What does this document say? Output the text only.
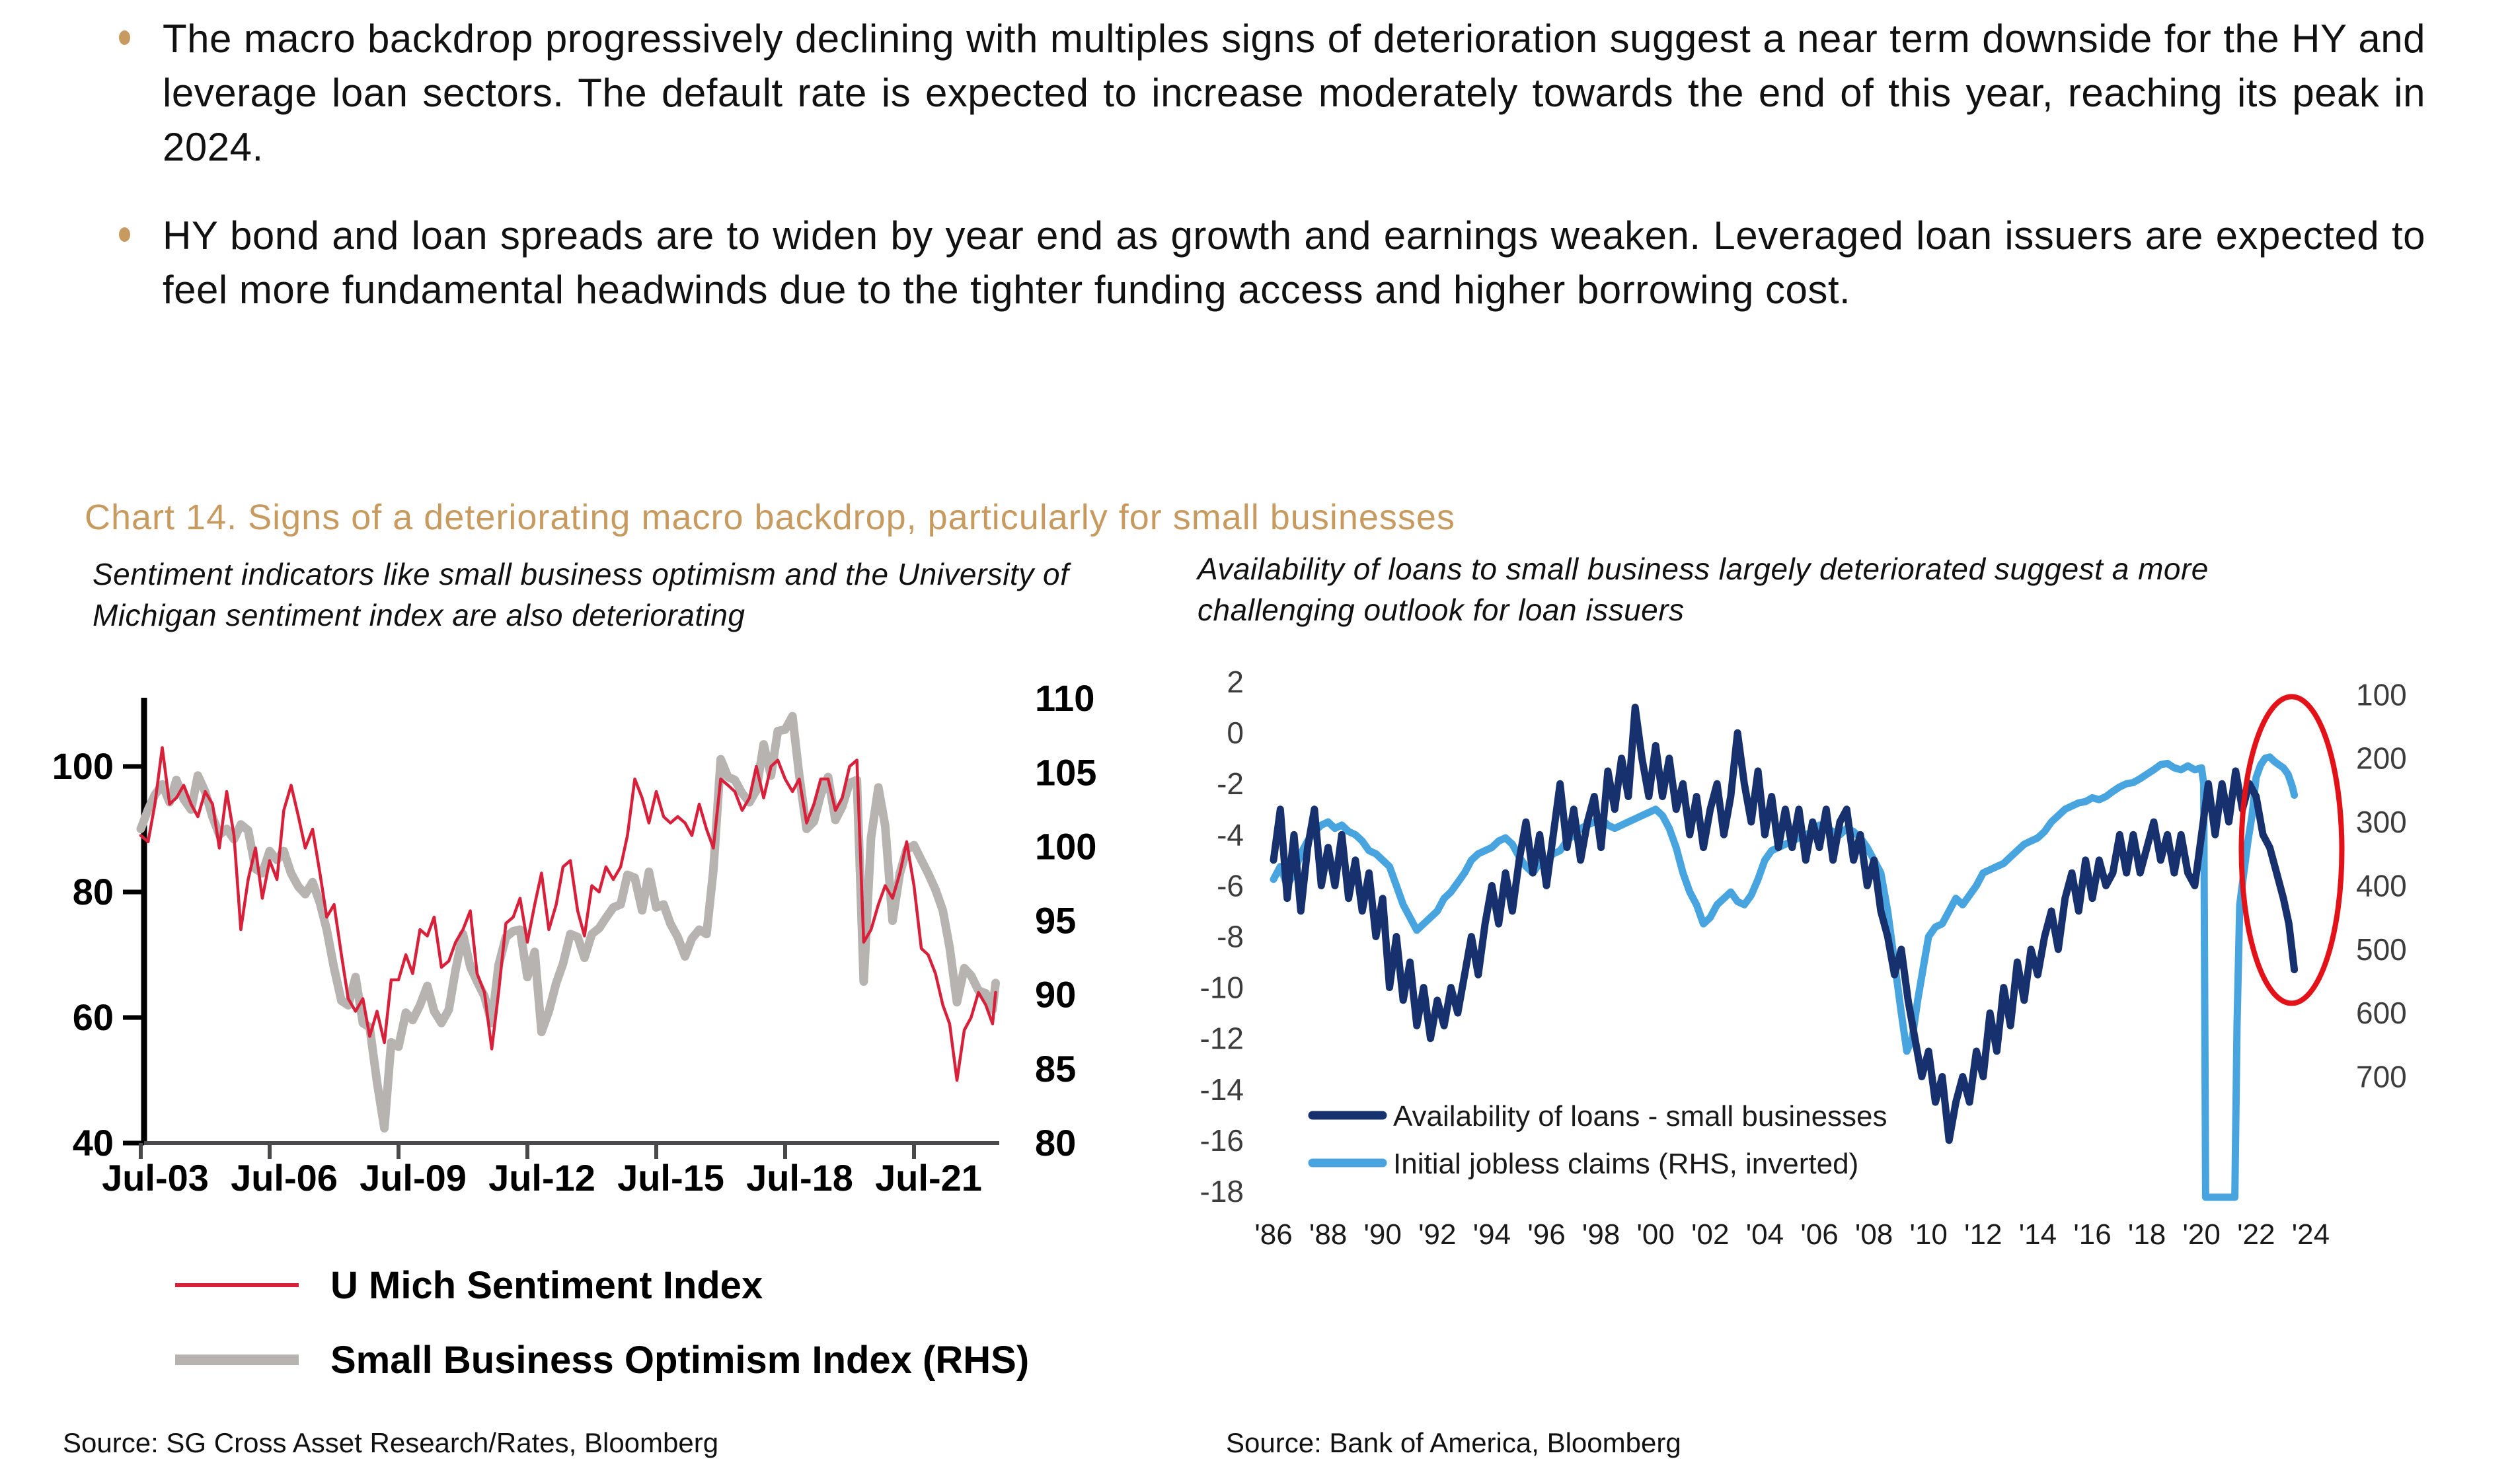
The macro backdrop progressively declining with multiples signs of deterioration suggest a near term downside for the HY and leverage loan sectors. The default rate is expected to increase moderately towards the end of this year, reaching its peak in 2024.
HY bond and loan spreads are to widen by year end as growth and earnings weaken. Leveraged loan issuers are expected to feel more fundamental headwinds due to the tighter funding access and higher borrowing cost.
Chart 14. Signs of a deteriorating macro backdrop, particularly for small businesses
Sentiment indicators like small business optimism and the University of Michigan sentiment index are also deteriorating
Availability of loans to small business largely deteriorated suggest a more challenging outlook for loan issuers
40
60
80
100
80
85
90
95
100
105
110
Jul-03 Jul-06 Jul-09 Jul-12 Jul-15 Jul-18 Jul-21
U Mich Sentiment Index
Small Business Optimism Index (RHS)
2
0
-2
-4
-6
-8
-10
-12
-14
-16
-18
100
200
300
400
500
600
700
'86 '88 '90 '92 '94 '96 '98 '00 '02 '04 '06 '08 '10 '12 '14 '16 '18 '20 '22 '24
Availability of loans - small businesses
Initial jobless claims (RHS, inverted)
Source: SG Cross Asset Research/Rates, Bloomberg	Source: Bank of America, Bloomberg
